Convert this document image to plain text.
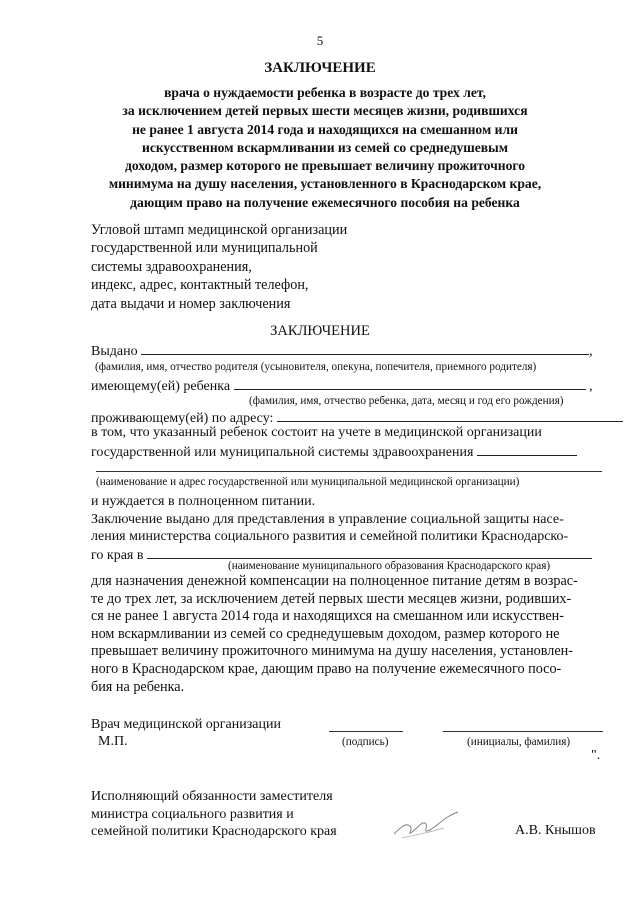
5
ЗАКЛЮЧЕНИЕ
врача о нуждаемости ребенка в возрасте до трех лет,
за исключением детей первых шести месяцев жизни, родившихся
не ранее 1 августа 2014 года и находящихся на смешанном или
искусственном вскармливании из семей со среднедушевым
доходом, размер которого не превышает величину прожиточного
минимума на душу населения, установленного в Краснодарском крае,
дающим право на получение ежемесячного пособия на ребенка
Угловой штамп медицинской организации
государственной или муниципальной
системы здравоохранения,
индекс, адрес, контактный телефон,
дата выдачи и номер заключения
ЗАКЛЮЧЕНИЕ
Выдано	,
(фамилия, имя, отчество родителя (усыновителя, опекуна, попечителя, приемного родителя)
имеющему(ей) ребенка	,
(фамилия, имя, отчество ребенка, дата, месяц и год его рождения)
проживающему(ей) по адресу:
в том, что указанный ребенок состоит на учете в медицинской организации
государственной или муниципальной системы здравоохранения
(наименование и адрес государственной или муниципальной медицинской организации)
и нуждается в полноценном питании.
Заключение выдано для представления в управление социальной защиты насе-
ления министерства социального развития и семейной политики Краснодарско-
го края в
(наименование муниципального образования Краснодарского края)
для назначения денежной компенсации на полноценное питание детям в возрас-
те до трех лет, за исключением детей первых шести месяцев жизни, родивших-
ся не ранее 1 августа 2014 года и находящихся на смешанном или искусствен-
ном вскармливании из семей со среднедушевым доходом, размер которого не
превышает величину прожиточного минимума на душу населения, установлен-
ного в Краснодарском крае, дающим право на получение ежемесячного посо-
бия на ребенка.
Врач медицинской организации
М.П.	(подпись)	(инициалы, фамилия)
".
Исполняющий обязанности заместителя
министра социального развития и
семейной политики Краснодарского края	А.В. Кнышов
